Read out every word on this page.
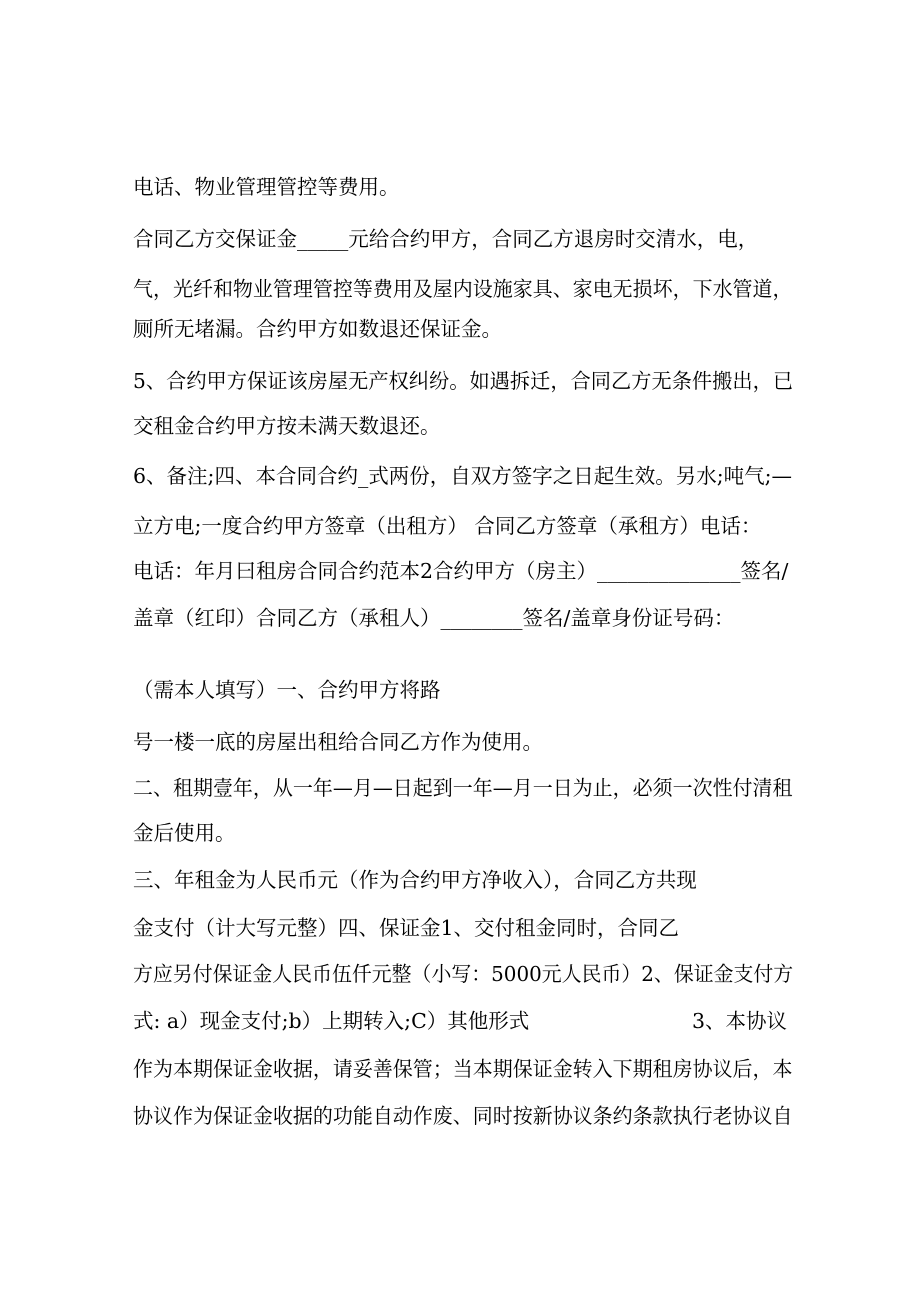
电话、物业管理管控等费用。
合同乙方交保证金_____元给合约甲方，合同乙方退房时交清水，电，
气，光纤和物业管理管控等费用及屋内设施家具、家电无损坏，下水管道，
厕所无堵漏。合约甲方如数退还保证金。
5、合约甲方保证该房屋无产权纠纷。如遇拆迁，合同乙方无条件搬出，已
交租金合约甲方按未满天数退还。
6、备注;四、本合同合约_式两份，自双方签字之日起生效。另水;吨气;—
立方电;一度合约甲方签章（出租方） 合同乙方签章（承租方）电话：
电话：年月曰租房合同合约范本2合约甲方（房主）______________签名/
盖章（红印）合同乙方（承租人）________签名/盖章身份证号码：
（需本人填写）一、合约甲方将路
号一楼一底的房屋出租给合同乙方作为使用。
二、租期壹年，从一年—月—日起到一年—月一日为止，必须一次性付清租
金后使用。
三、年租金为人民币元（作为合约甲方净收入），合同乙方共现
金支付（计大写元整）四、保证金1、交付租金同时，合同乙
方应另付保证金人民币伍仟元整（小写：5000元人民币）2、保证金支付方
式: a）现金支付;b）上期转入;C）其他形式	3、本协议
作为本期保证金收据，请妥善保管；当本期保证金转入下期租房协议后，本
协议作为保证金收据的功能自动作废、同时按新协议条约条款执行老协议自
